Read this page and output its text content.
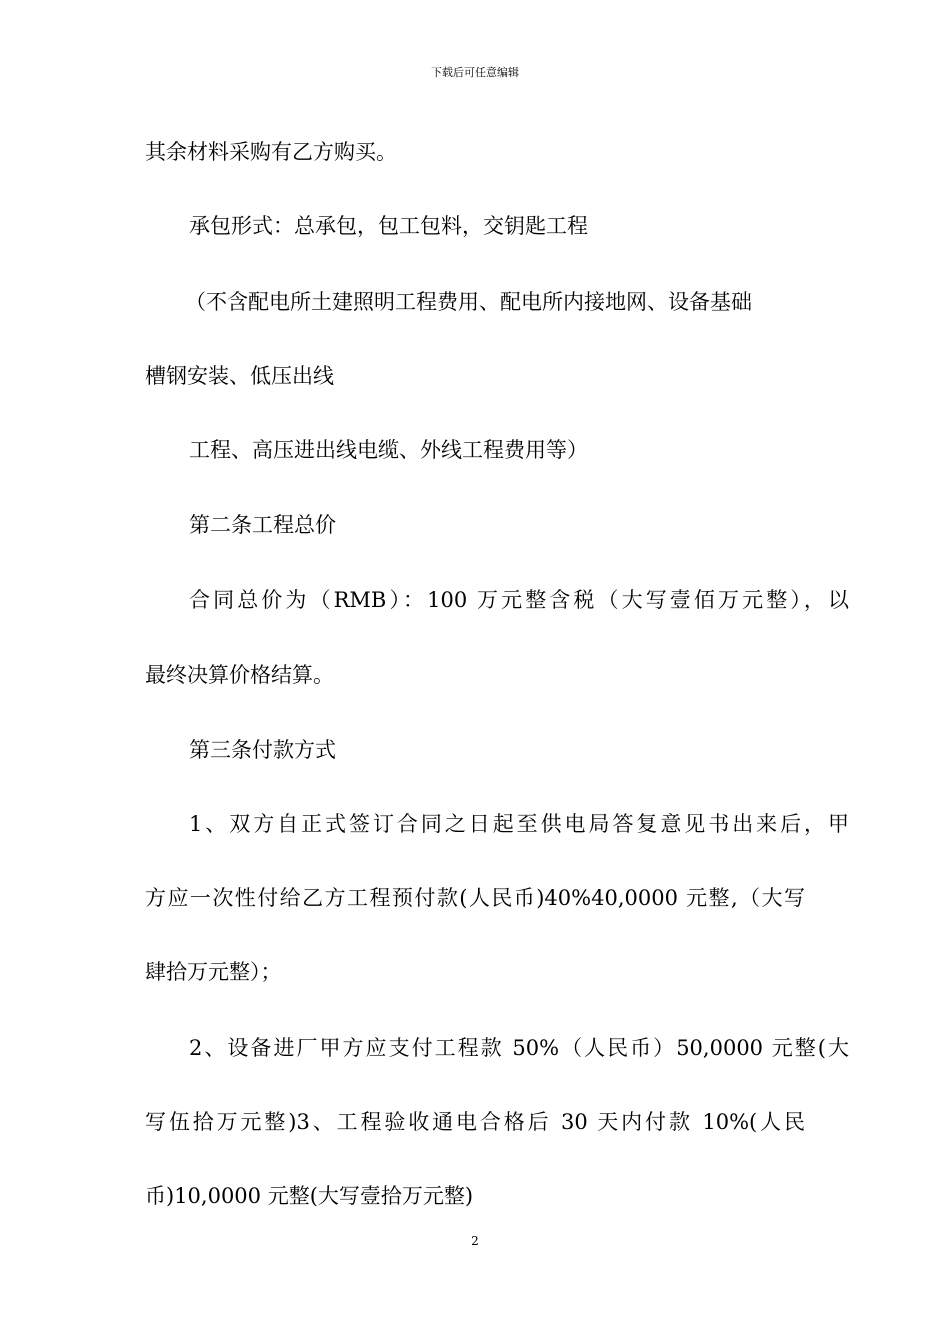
下载后可任意编辑
其余材料采购有乙方购买。
承包形式：总承包，包工包料，交钥匙工程
（不含配电所土建照明工程费用、配电所内接地网、设备基础
槽钢安装、低压出线
工程、高压进出线电缆、外线工程费用等）
第二条工程总价
合同总价为（RMB）：100 万元整含税（大写壹佰万元整），以
最终决算价格结算。
第三条付款方式
1、双方自正式签订合同之日起至供电局答复意见书出来后，甲
方应一次性付给乙方工程预付款(人民币)40%40,0000 元整,（大写
肆拾万元整）；
2、设备进厂甲方应支付工程款 50%（人民币）50,0000 元整(大
写伍拾万元整)3、工程验收通电合格后 30 天内付款 10%(人民
币)10,0000 元整(大写壹拾万元整)
2
